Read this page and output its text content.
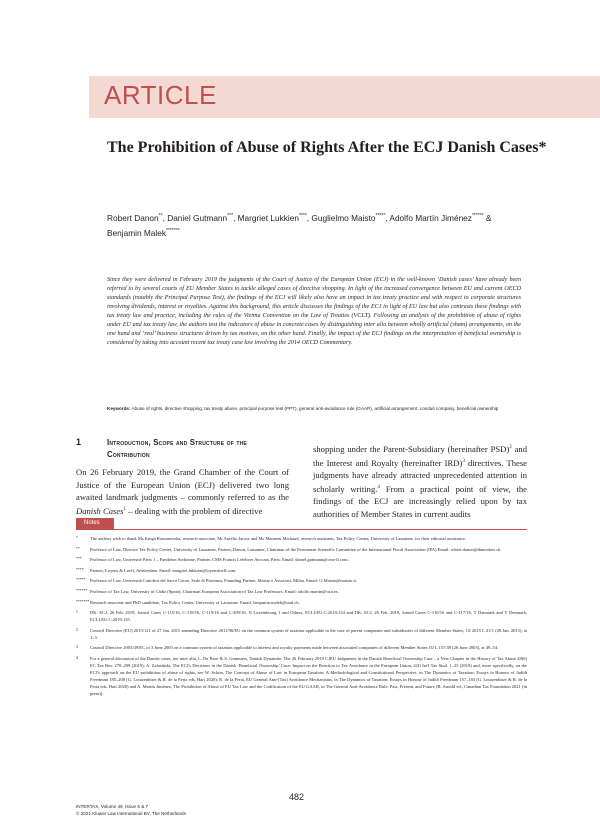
ARTICLE
The Prohibition of Abuse of Rights After the ECJ Danish Cases*
Robert Danon**, Daniel Gutmann***, Margriet Lukkien****, Guglielmo Maisto*****, Adolfo Martín Jiménez****** &
Benjamin Malek*******

Since they were delivered in February 2019 the judgments of the Court of Justice of the European Union (ECJ) in the well-known ‘Danish cases’ have already been referred to by several courts of EU Member States to tackle alleged cases of directive shopping. In light of the increased convergence between EU and current OECD standards (notably the Principal Purpose Test), the findings of the ECJ will likely also have an impact in tax treaty practice and with respect to corporate structures involving dividends, interest or royalties. Against this background, this article discusses the findings of the ECJ in light of EU law but also contrasts these findings with tax treaty law and practice, including the rules of the Vienna Convention on the Law of Treaties (VCLT). Following an analysis of the prohibition of abuse of rights under EU and tax treaty law, the authors test the indicators of abuse in concrete cases by distinguishing inter alia between wholly artificial (sham) arrangements, on the one hand and ‘real’ business structures driven by tax motives, on the other hand. Finally, the impact of the ECJ findings on the interpretation of beneficial ownership is considered by taking into account recent tax treaty case law involving the 2014 OECD Commentary.

Keywords: Abuse of rights, directive shopping, tax treaty abuse, principal purpose test (PPT), general anti-avoidance rule (GAAR), artificial arrangement, conduit company, beneficial ownership
1	Introduction, Scope and Structure of the Contribution

On 26 February 2019, the Grand Chamber of the Court of Justice of the European Union (ECJ) delivered two long awaited landmark judgments – commonly referred to as the Danish Cases$^1$ – dealing with the problem of directive

shopping under the Parent-Subsidiary (hereinafter PSD)$^2$ and the Interest and Royalty (hereinafter IRD)$^3$ directives. These judgments have already attracted unprecedented attention in scholarly writing.$^4$ From a practical point of view, the findings of the ECJ are increasingly relied upon by tax authorities of Member States in current audits

Notes
*	The authors wish to thank Ms Kinga Romanovska, research associate, Mr Aurelio Jarosz and Ms Maureen Michaud, research assistants, Tax Policy Center, University of Lausanne, for their editorial assistance.
**	Professor of Law, Director Tax Policy Center, University of Lausanne, Partner, Danon, Lausanne, Chairman of the Permanent Scientific Committee of the International Fiscal Association (IFA) Email: robert.danon@danonlaw.ch.
***	Professor of Law, Université Paris 1 – Panthéon Sorbonne, Partner, CMS Francis Lefebvre Avocats, Paris. Email: daniel.gutmann@cms-fl.com.
****	Partner, Loyens & Loeff, Amsterdam. Email: margriet.lukkien@loyensloeff.com.
*****	Professor of Law, Università Cattolica del Sacro Cuore, Sede di Piacenza, Founding Partner, Maisto e Associati, Milan. Email: G.Maisto@maisto.it.
****** Professor of Tax Law, University of Cádiz (Spain), Chairman European Association of Tax Law Professors. Email: adolfo.martin@uca.es.
******* Research associate and PhD candidate, Tax Policy Center, University of Lausanne. Email: benjamin.malek@unil.ch.
1	DK: ECJ, 26 Feb. 2019, Joined Cases C-115/16, C-118/16, C-119/16 and C-299/16, N Luxembourg 1 and Others, ECLI:EU:C:2019:134 and DK: ECJ, 26 Feb. 2019, Joined Cases C-116/16 and C-117/16, T Danmark and Y Denmark, ECLI:EU:C:2019:135.
2	Council Directive (EU) 2015/121 of 27 Jan. 2015 amending Directive 2011/96/EU on the common system of taxation applicable in the case of parent companies and subsidiaries of different Member States, OJ 2015 L 21/1 (28 Jan. 2015), at 1–3.
3	Council Directive 2003/49/EC of 3 June 2003 on a common system of taxation applicable to interest and royalty payments made between associated companies of different Member States OJ L 157/49 (26 June 2003), at 49–54.
4	For a general discussion of the Danish cases, see inter alia, L. De Broe & S. Gommers, Danish Dynamite: The 26 February 2019 CJEU Judgments in the Danish Beneficial Ownership Case – a New Chapter in the History of Tax Abuse 28(6) EC Tax Rev. 270–299 (2019); A. Zalasiński, The ECJ's Decisions in the Danish ‘Beneficial Ownership’ Case: Impact on the Reaction to Tax Avoidance in the European Union, 2(4) Int'l Tax Stud. 1–23 (2019) and, more specifically, on the ECJ's approach on the EU prohibition of abuse of rights, see W. Schön, The Concept of Abuse of Law in European Taxation: A Methodological and Constitutional Perspective, in The Dynamics of Taxation: Essays in Honour of Judith Freedman 185–208 (G. Loutzenhiser & R. de la Feria eds, Hart 2020); R. de la Feria, EU General Anti-(Tax) Avoidance Mechanisms, in The Dynamics of Taxation: Essays in Honour of Judith Freedman 157–183 (G. Loutzenhiser & R. de la Feria eds, Hart 2020) and A. Martín Jiménez, The Prohibition of Abuse of EU Tax Law and the Codification of the EU GAAR, in The General Anti-Avoidance Rule: Past, Present, and Future (B. Arnold ed., Canadian Tax Foundation 2021 (in press)).
482
INTERTAX, Volume 49, Issue 6 & 7
© 2021 Kluwer Law International BV, The Netherlands
